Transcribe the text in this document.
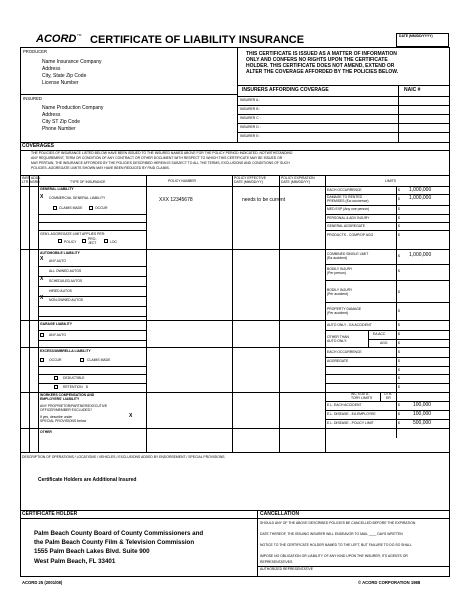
ACORD TM CERTIFICATE OF LIABILITY INSURANCE	DATE (MM/DD/YYYY)
PRODUCER
Name Insurance Company
Address
City, State Zip Code
License Number
THIS CERTIFICATE IS ISSUED AS A MATTER OF INFORMATION
ONLY AND CONFERS NO RIGHTS UPON THE CERTIFICATE
HOLDER. THIS CERTIFICATE DOES NOT AMEND, EXTEND OR
ALTER THE COVERAGE AFFORDED BY THE POLICIES BELOW.
INSURERS AFFORDING COVERAGE	NAIC #
INSURER A :
INSURER B :
INSURER C :
INSURER D :
INSURER E :
INSURED
Name Production Company
Address
City ST Zip Code
Phone Number
COVERAGES
THE POLICIES OF INSURANCE LISTED BELOW HAVE BEEN ISSUED TO THE INSURED NAMED ABOVE FOR THE POLICY PERIOD INDICATED. NOTWITHSTANDING
ANY REQUIREMENT, TERM OR CONDITION OF ANY CONTRACT OR OTHER DOCUMENT WITH RESPECT TO WHICH THIS CERTIFICATE MAY BE ISSUED OR
MAY PERTAIN, THE INSURANCE AFFORDED BY THE POLICIES DESCRIBED HEREIN IS SUBJECT TO ALL THE TERMS, EXCLUSIONS AND CONDITIONS OF SUCH
POLICIES. AGGREGATE LIMITS SHOWN MAY HAVE BEEN REDUCED BY PAID CLAIMS.
INSR ADD'L
LTR INSRD	TYPE OF INSURANCE	POLICY NUMBER
POLICY EFFECTIVE
DATE (MM/DD/YY)
POLICY EXPIRATION
DATE (MM/DD/YY)	LIMITS
GENERAL LIABILITY
X COMMERCIAL GENERAL LIABILITY
CLAIMS MADE	OCCUR
GEN'L AGGREGATE LIMIT APPLIES PER:
POLICY
PRO-
JECT	LOC
XXX 12345678	needs to be current
EACH OCCURRENCE	$ 1,000,000
DAMAGE TO RENTED
PREMISES (Ea occurence)	$ 1,000,000
MED EXP (Any one person)	$
PERSONAL & ADV INJURY	$
GENERAL AGGREGATE	$
PRODUCTS - COMP/OP AGG	$
AUTOMOBILE LIABILITY
X ANY AUTO
ALL OWNED AUTOS
X SCHEDULED AUTOS
HIRED AUTOS
X NON-OWNED AUTOS
COMBINED SINGLE LIMIT
(Ea accident)	$ 1,000,000
BODILY INJURY
(Per person)	$
BODILY INJURY
(Per accident)	$
PROPERTY DAMAGE
(Per accident)	$
GARAGE LIABILITY
ANY AUTO
AUTO ONLY - EA ACCIDENT	$
OTHER THAN
AUTO ONLY:
EA ACC	$
AGG	$
EXCESS/UMBRELLA LIABILITY
OCCUR	CLAIMS MADE
DEDUCTIBLE
RETENTION $
EACH OCCURRENCE	$
AGGREGATE	$
$
$
$
WORKERS COMPENSATION AND
EMPLOYERS' LIABILITY
ANY PROPRIETOR/PARTNER/EXECUTIVE
OFFICER/MEMBER EXCLUDED?
If yes, describe under
SPECIAL PROVISIONS below
X
WC STATU-
TORY LIMITS
OTH-
ER
E.L. EACH ACCIDENT	$	100,000
E.L. DISEASE - EA EMPLOYEE	$	100,000
E.L. DISEASE - POLICY LIMIT	$	500,000
OTHER
DESCRIPTION OF OPERATIONS / LOCATIONS / VEHICLES / EXCLUSIONS ADDED BY ENDORSEMENT / SPECIAL PROVISIONS
Certificate Holders are Additional Insured
CERTIFICATE HOLDER
Palm Beach County Board of County Commissioners and
the Palm Beach County Film & Television Commission
1555 Palm Beach Lakes Blvd. Suite 900
West Palm Beach, FL 33401
CANCELLATION
SHOULD ANY OF THE ABOVE DESCRIBED POLICIES BE CANCELLED BEFORE THE EXPIRATION
DATE THEREOF, THE ISSUING INSURER WILL ENDEAVOR TO MAIL ____ DAYS WRITTEN
NOTICE TO THE CERTIFICATE HOLDER NAMED TO THE LEFT, BUT FAILURE TO DO SO SHALL
IMPOSE NO OBLIGATION OR LIABILITY OF ANY KIND UPON THE INSURER, ITS AGENTS OR
REPRESENTATIVES.
AUTHORIZED REPRESENTATIVE
ACORD 25 (2001/08)	© ACORD CORPORATION 1988
